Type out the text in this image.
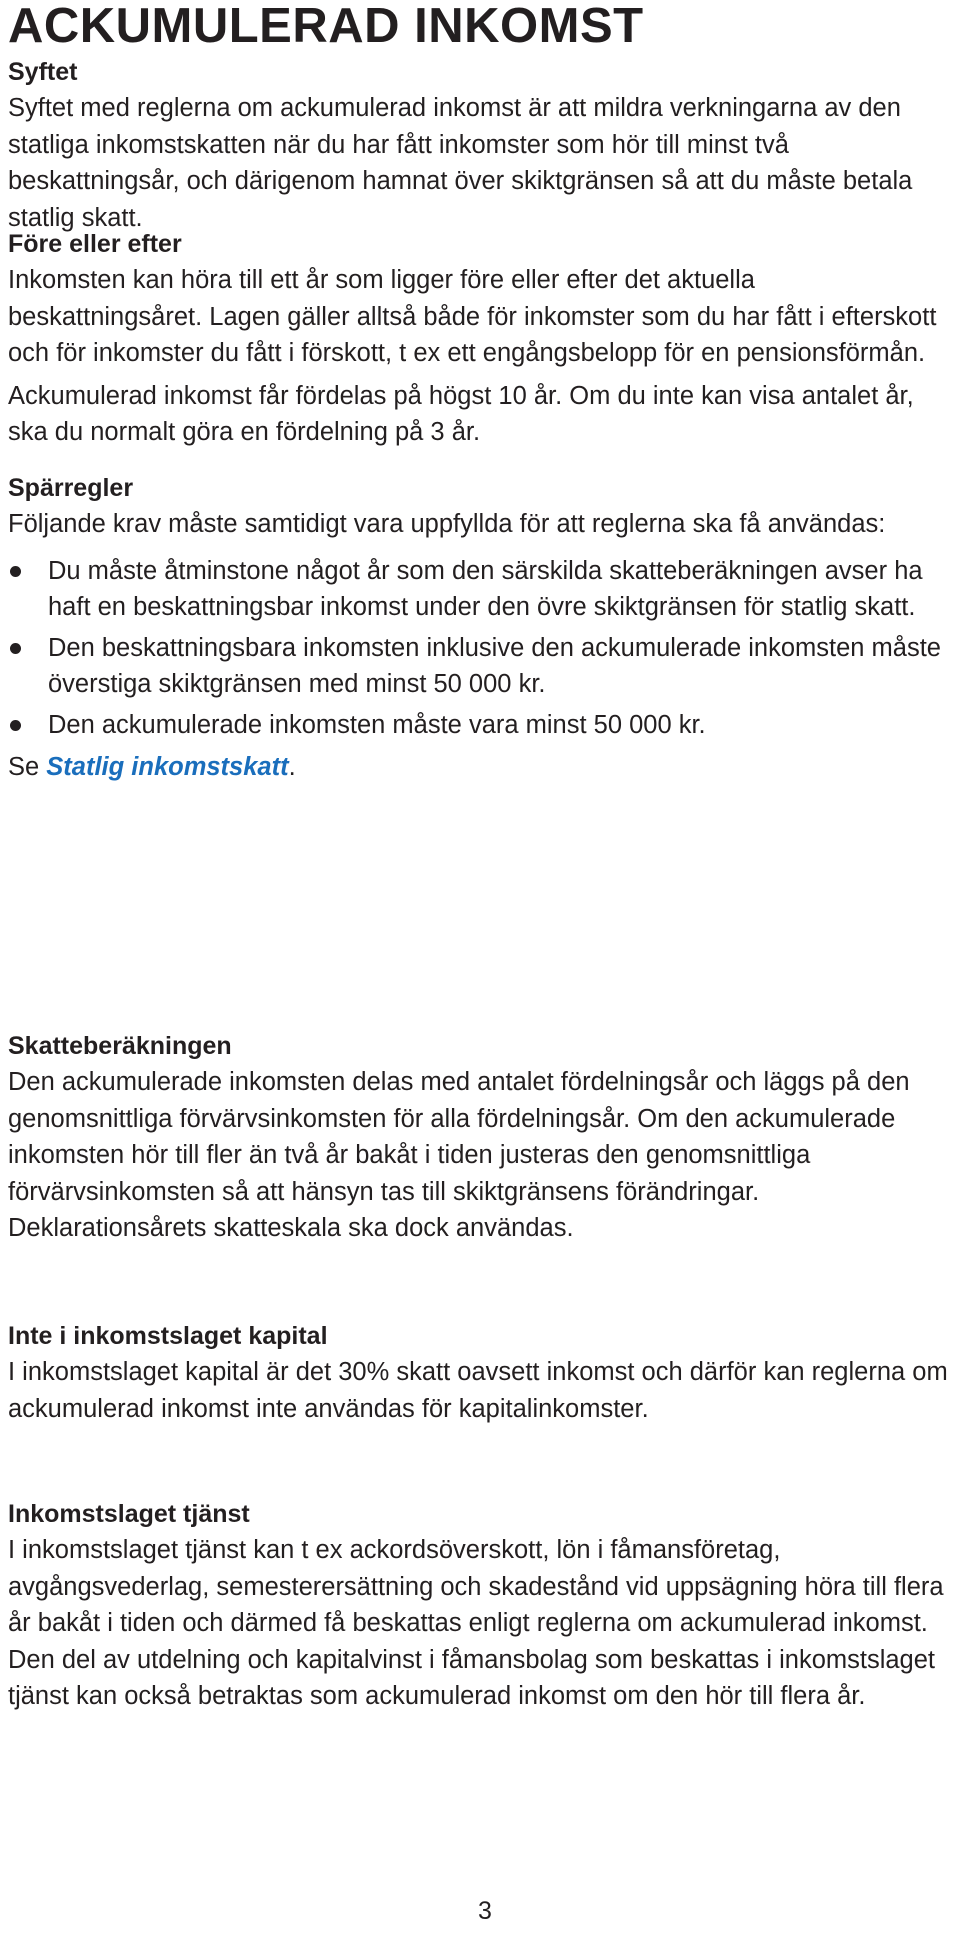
ACKUMULERAD INKOMST
Syftet

Syftet med reglerna om ackumulerad inkomst är att mildra verkningarna av den statliga inkomstskatten när du har fått inkomster som hör till minst två beskattningsår, och därigenom hamnat över skiktgränsen så att du måste betala statlig skatt.

Före eller efter

Inkomsten kan höra till ett år som ligger före eller efter det aktuella beskattningsåret. Lagen gäller alltså både för inkomster som du har fått i efterskott och för inkomster du fått i förskott, t ex ett engångsbelopp för en pensionsförmån.

Ackumulerad inkomst får fördelas på högst 10 år. Om du inte kan visa antalet år, ska du normalt göra en fördelning på 3 år.

Spärregler

Följande krav måste samtidigt vara uppfyllda för att reglerna ska få användas:

Du måste åtminstone något år som den särskilda skatteberäkningen avser ha haft en beskattningsbar inkomst under den övre skiktgränsen för statlig skatt.
Den beskattningsbara inkomsten inklusive den ackumulerade inkomsten måste överstiga skiktgränsen med minst 50 000 kr.
Den ackumulerade inkomsten måste vara minst 50 000 kr.

Se Statlig inkomstskatt.

Skatteberäkningen

Den ackumulerade inkomsten delas med antalet fördelningsår och läggs på den genomsnittliga förvärvsinkomsten för alla fördelningsår. Om den ackumulerade inkomsten hör till fler än två år bakåt i tiden justeras den genomsnittliga förvärvsinkomsten så att hänsyn tas till skiktgränsens förändringar. Deklarationsårets skatteskala ska dock användas.

Inte i inkomstslaget kapital

I inkomstslaget kapital är det 30% skatt oavsett inkomst och därför kan reglerna om ackumulerad inkomst inte användas för kapitalinkomster.

Inkomstslaget tjänst

I inkomstslaget tjänst kan t ex ackordsöverskott, lön i fåmansföretag, avgångsvederlag, semesterersättning och skadestånd vid uppsägning höra till flera år bakåt i tiden och därmed få beskattas enligt reglerna om ackumulerad inkomst. Den del av utdelning och kapitalvinst i fåmansbolag som beskattas i inkomstslaget tjänst kan också betraktas som ackumulerad inkomst om den hör till flera år.

3
